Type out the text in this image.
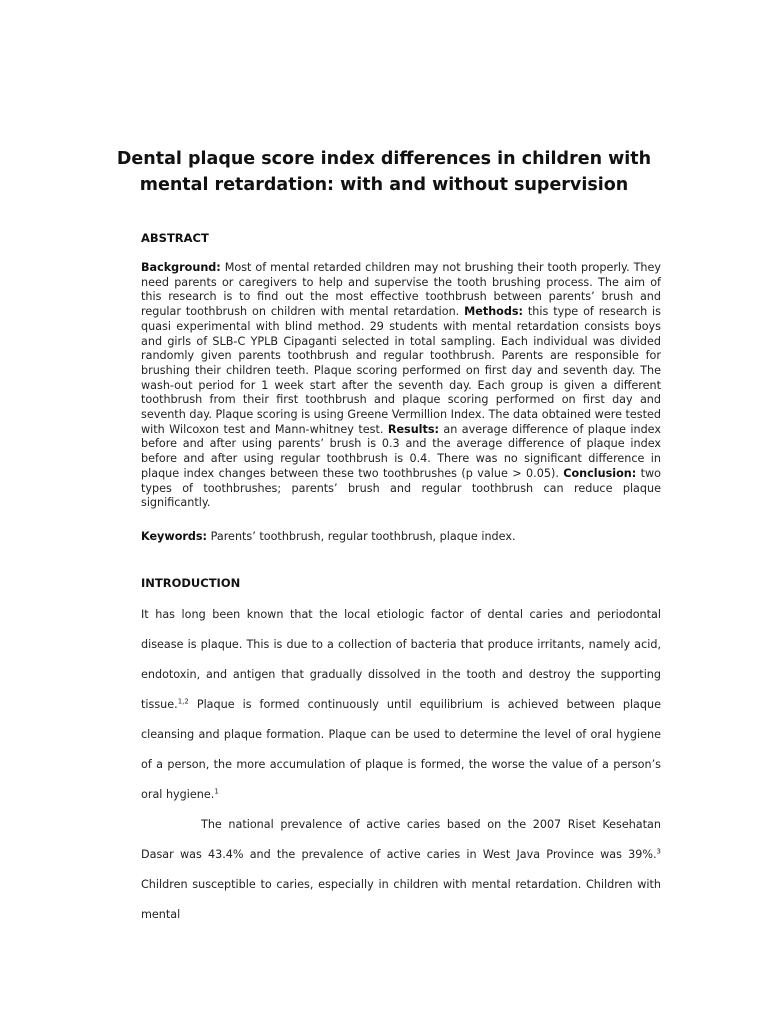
Dental plaque score index differences in children with mental retardation: with and without supervision
ABSTRACT
Background: Most of mental retarded children may not brushing their tooth properly. They need parents or caregivers to help and supervise the tooth brushing process. The aim of this research is to find out the most effective toothbrush between parents’ brush and regular toothbrush on children with mental retardation. Methods: this type of research is quasi experimental with blind method. 29 students with mental retardation consists boys and girls of SLB-C YPLB Cipaganti selected in total sampling. Each individual was divided randomly given parents toothbrush and regular toothbrush. Parents are responsible for brushing their children teeth. Plaque scoring performed on first day and seventh day. The wash-out period for 1 week start after the seventh day. Each group is given a different toothbrush from their first toothbrush and plaque scoring performed on first day and seventh day. Plaque scoring is using Greene Vermillion Index. The data obtained were tested with Wilcoxon test and Mann-whitney test. Results: an average difference of plaque index before and after using parents’ brush is 0.3 and the average difference of plaque index before and after using regular toothbrush is 0.4. There was no significant difference in plaque index changes between these two toothbrushes (p value > 0.05). Conclusion: two types of toothbrushes; parents’ brush and regular toothbrush can reduce plaque significantly.
Keywords: Parents’ toothbrush, regular toothbrush, plaque index.
INTRODUCTION

It has long been known that the local etiologic factor of dental caries and periodontal disease is plaque. This is due to a collection of bacteria that produce irritants, namely acid, endotoxin, and antigen that gradually dissolved in the tooth and destroy the supporting tissue.$^{1,2}$ Plaque is formed continuously until equilibrium is achieved between plaque cleansing and plaque formation. Plaque can be used to determine the level of oral hygiene of a person, the more accumulation of plaque is formed, the worse the value of a person’s oral hygiene.$^1$

The national prevalence of active caries based on the 2007 Riset Kesehatan Dasar was 43.4% and the prevalence of active caries in West Java Province was 39%.$^3$ Children susceptible to caries, especially in children with mental retardation. Children with mental
